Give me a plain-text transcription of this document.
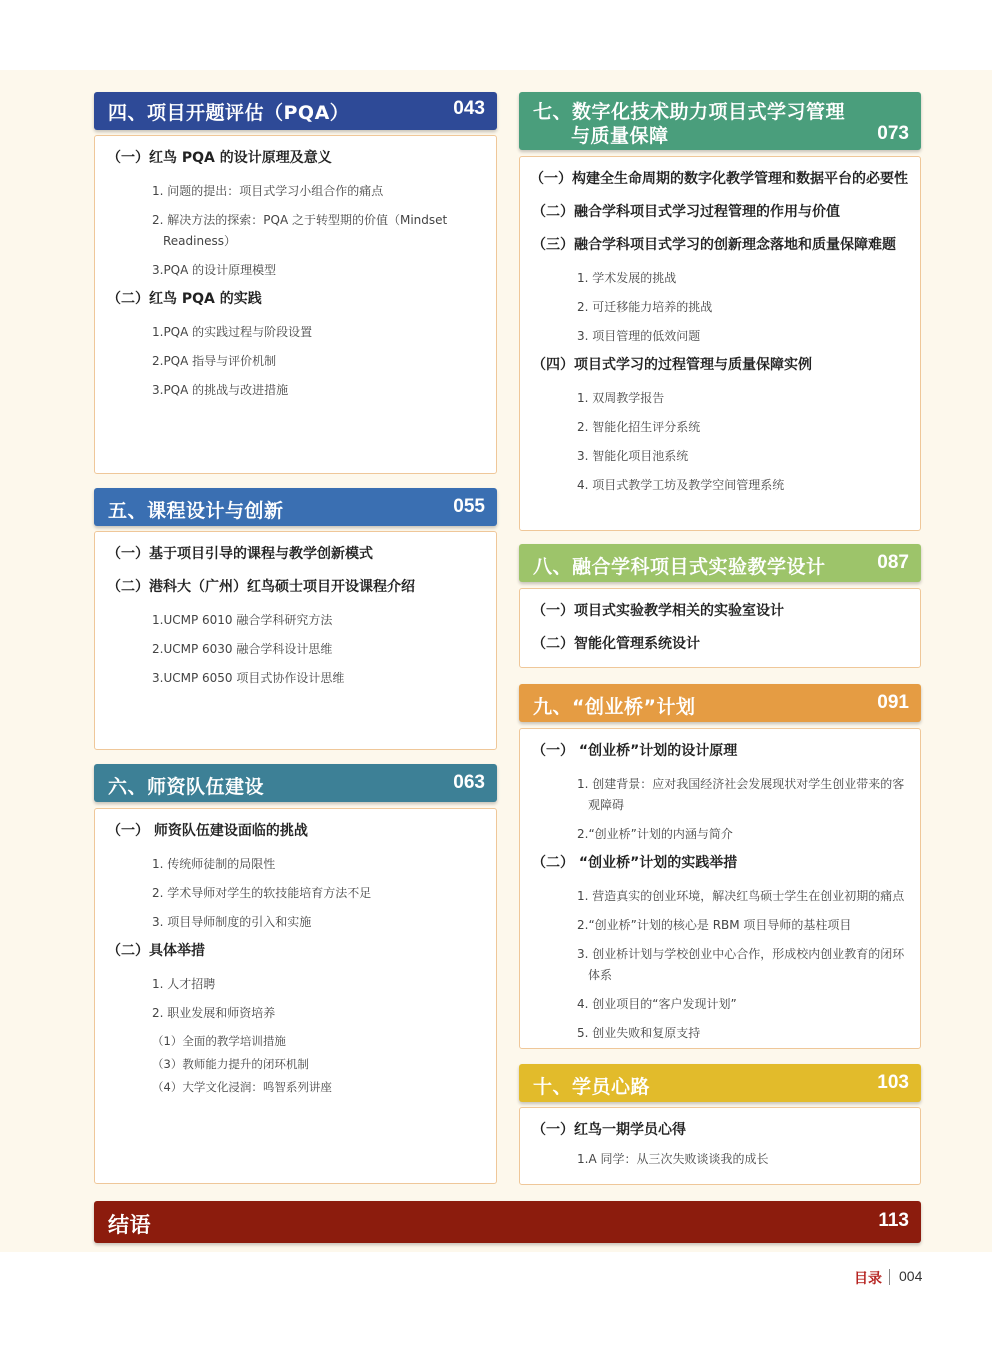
四、项目开题评估（PQA）	043
（一）红鸟 PQA 的设计原理及意义
1. 问题的提出：项目式学习小组合作的痛点
2. 解决方法的探索：PQA 之于转型期的价值（Mindset Readiness）
3.PQA 的设计原理模型
（二）红鸟 PQA 的实践
1.PQA 的实践过程与阶段设置
2.PQA 指导与评价机制
3.PQA 的挑战与改进措施
五、课程设计与创新	055
（一）基于项目引导的课程与教学创新模式
（二）港科大（广州）红鸟硕士项目开设课程介绍
1.UCMP 6010 融合学科研究方法
2.UCMP 6030 融合学科设计思维
3.UCMP 6050 项目式协作设计思维
六、师资队伍建设	063
（一） 师资队伍建设面临的挑战
1. 传统师徒制的局限性
2. 学术导师对学生的软技能培育方法不足
3. 项目导师制度的引入和实施
（二）具体举措
1. 人才招聘
2. 职业发展和师资培养
（1）全面的教学培训措施
（3）教师能力提升的闭环机制
（4）大学文化浸润：鸣智系列讲座
七、数字化技术助力项目式学习管理
与质量保障	073
（一）构建全生命周期的数字化教学管理和数据平台的必要性
（二）融合学科项目式学习过程管理的作用与价值
（三）融合学科项目式学习的创新理念落地和质量保障难题
1. 学术发展的挑战
2. 可迁移能力培养的挑战
3. 项目管理的低效问题
（四）项目式学习的过程管理与质量保障实例
1. 双周教学报告
2. 智能化招生评分系统
3. 智能化项目池系统
4. 项目式教学工坊及教学空间管理系统
八、融合学科项目式实验教学设计	087
（一）项目式实验教学相关的实验室设计
（二）智能化管理系统设计
九、“创业桥”计划	091
（一） “创业桥”计划的设计原理
1. 创建背景：应对我国经济社会发展现状对学生创业带来的客观障碍
2.“创业桥”计划的内涵与简介
（二） “创业桥”计划的实践举措
1. 营造真实的创业环境，解决红鸟硕士学生在创业初期的痛点
2.“创业桥”计划的核心是 RBM 项目导师的基柱项目
3. 创业桥计划与学校创业中心合作，形成校内创业教育的闭环体系
4. 创业项目的“客户发现计划”
5. 创业失败和复原支持
十、学员心路	103
（一）红鸟一期学员心得
1.A 同学：从三次失败谈谈我的成长
结语	113
目录 004
